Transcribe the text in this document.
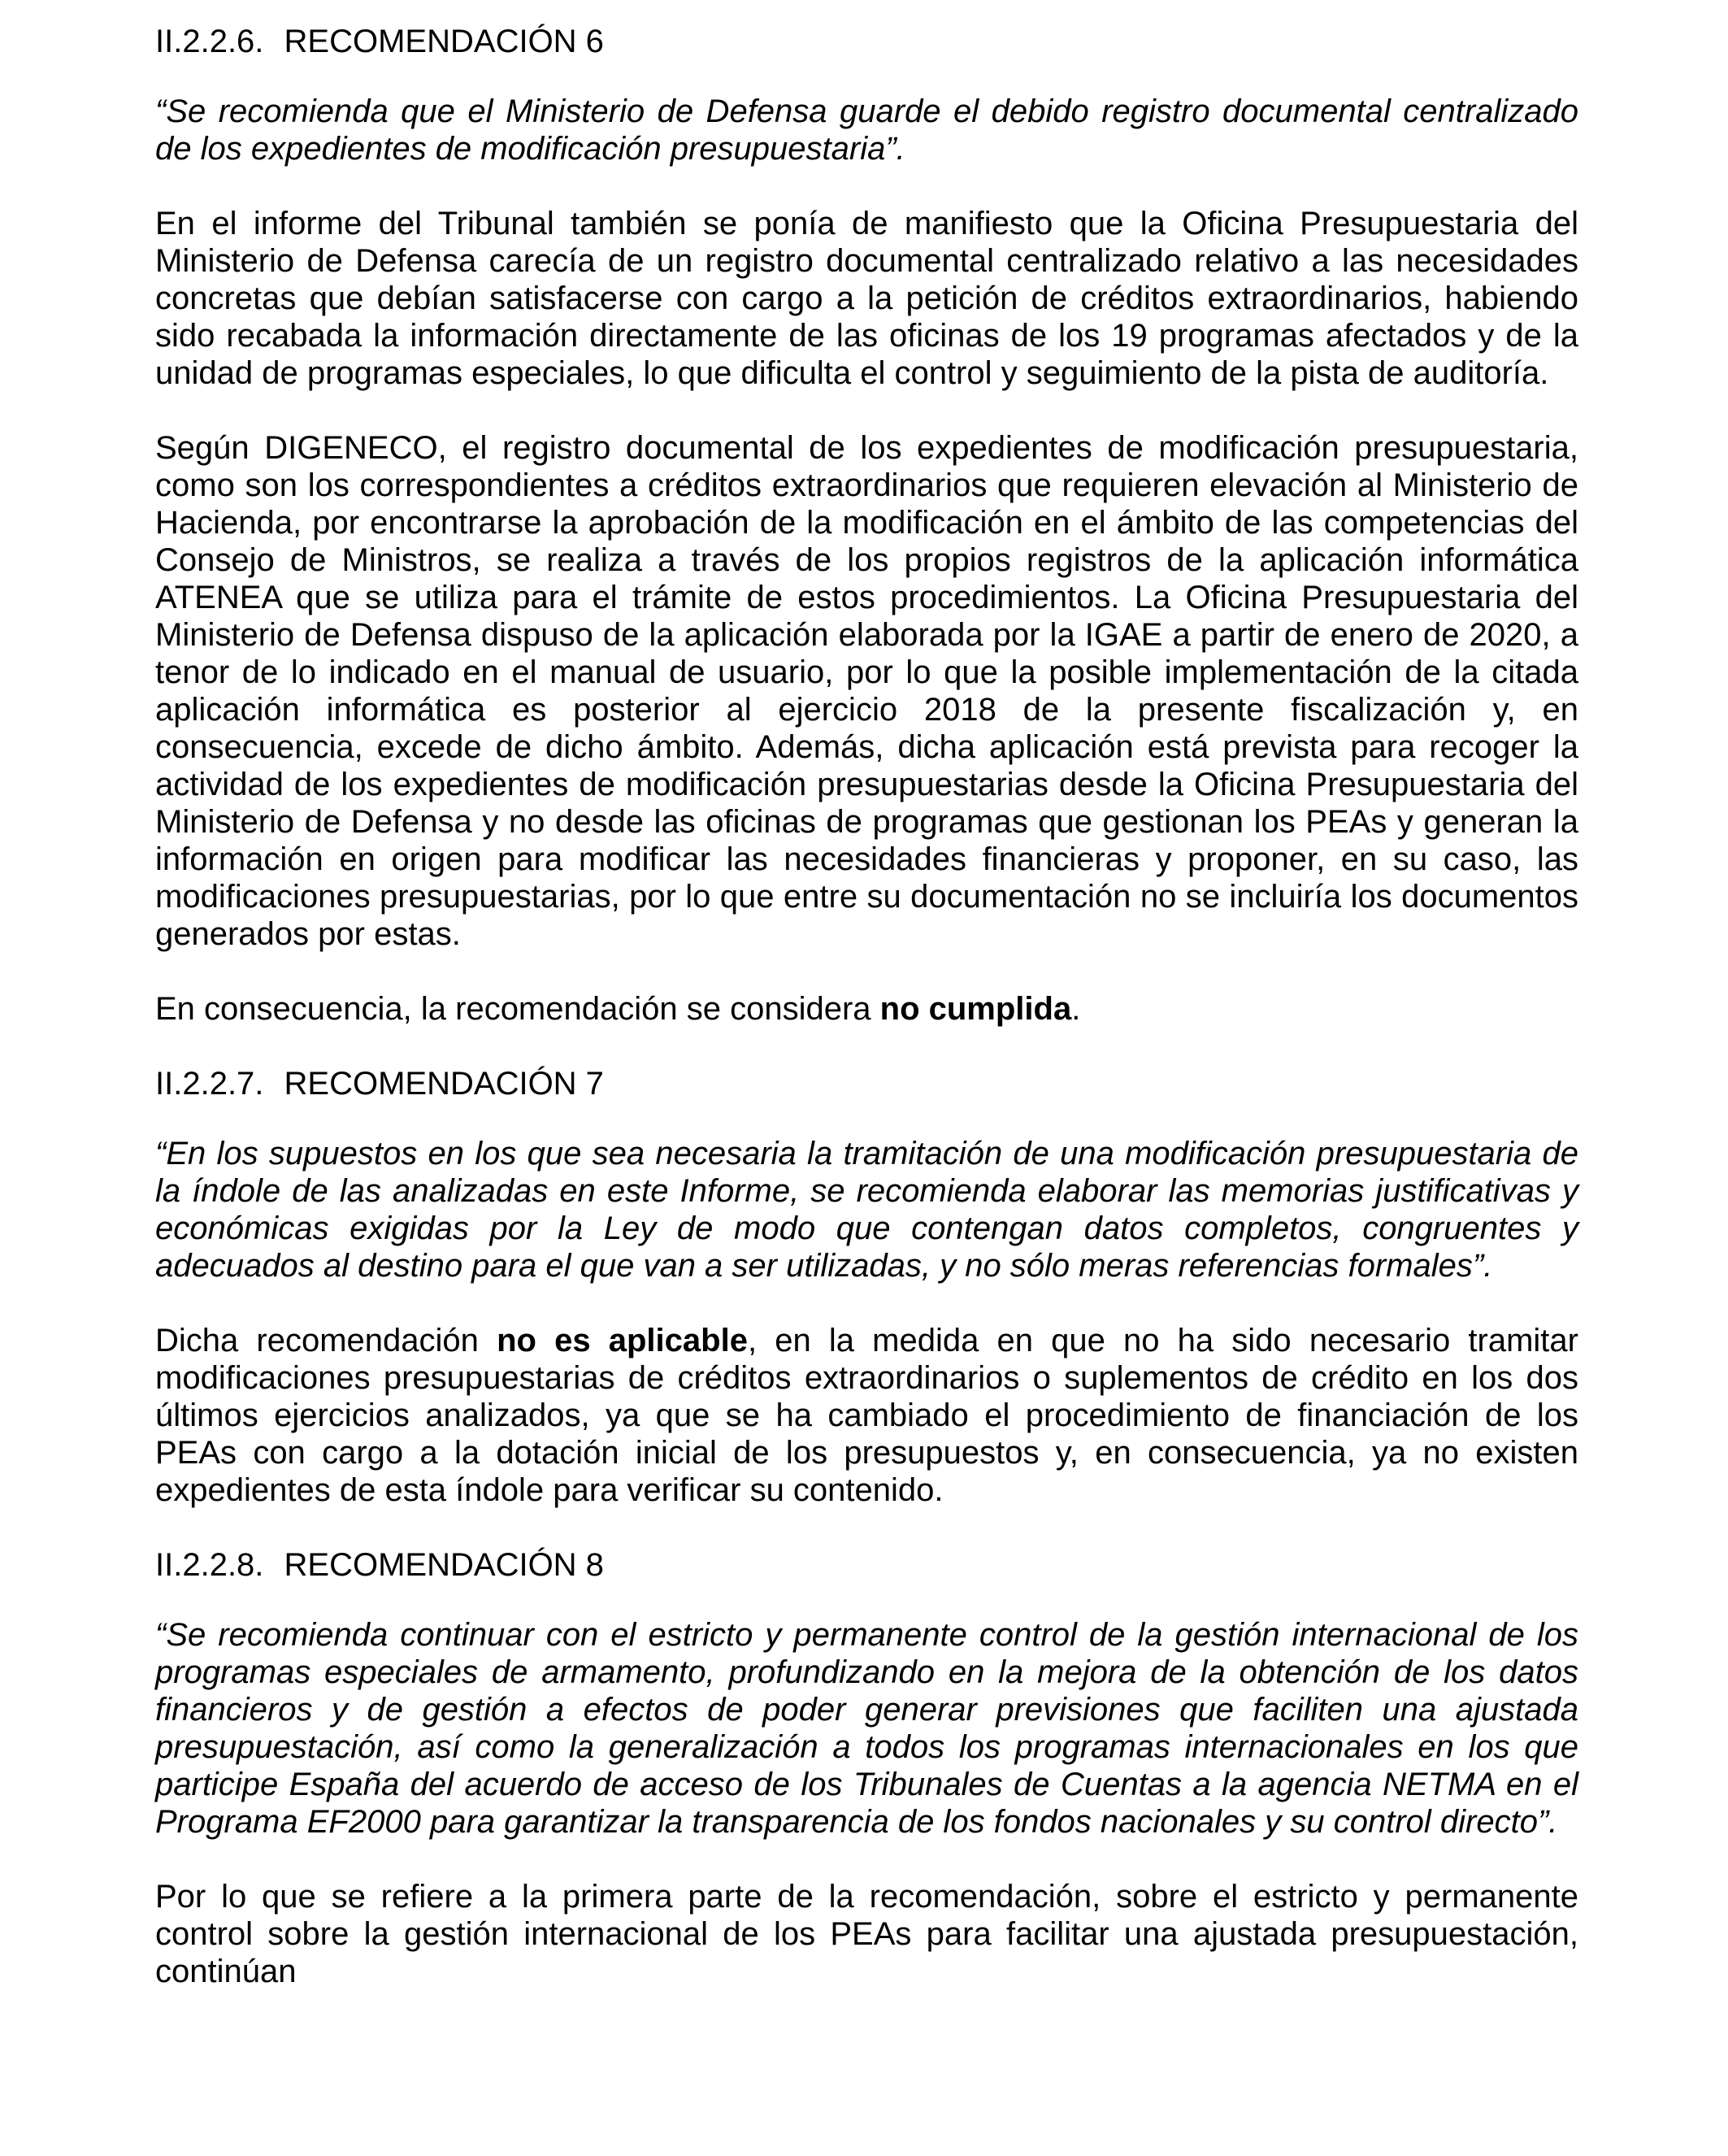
II.2.2.6. RECOMENDACIÓN 6

“Se recomienda que el Ministerio de Defensa guarde el debido registro documental centralizado de los expedientes de modificación presupuestaria”.

En el informe del Tribunal también se ponía de manifiesto que la Oficina Presupuestaria del Ministerio de Defensa carecía de un registro documental centralizado relativo a las necesidades concretas que debían satisfacerse con cargo a la petición de créditos extraordinarios, habiendo sido recabada la información directamente de las oficinas de los 19 programas afectados y de la unidad de programas especiales, lo que dificulta el control y seguimiento de la pista de auditoría.

Según DIGENECO, el registro documental de los expedientes de modificación presupuestaria, como son los correspondientes a créditos extraordinarios que requieren elevación al Ministerio de Hacienda, por encontrarse la aprobación de la modificación en el ámbito de las competencias del Consejo de Ministros, se realiza a través de los propios registros de la aplicación informática ATENEA que se utiliza para el trámite de estos procedimientos. La Oficina Presupuestaria del Ministerio de Defensa dispuso de la aplicación elaborada por la IGAE a partir de enero de 2020, a tenor de lo indicado en el manual de usuario, por lo que la posible implementación de la citada aplicación informática es posterior al ejercicio 2018 de la presente fiscalización y, en consecuencia, excede de dicho ámbito. Además, dicha aplicación está prevista para recoger la actividad de los expedientes de modificación presupuestarias desde la Oficina Presupuestaria del Ministerio de Defensa y no desde las oficinas de programas que gestionan los PEAs y generan la información en origen para modificar las necesidades financieras y proponer, en su caso, las modificaciones presupuestarias, por lo que entre su documentación no se incluiría los documentos generados por estas.

En consecuencia, la recomendación se considera no cumplida.

II.2.2.7. RECOMENDACIÓN 7

“En los supuestos en los que sea necesaria la tramitación de una modificación presupuestaria de la índole de las analizadas en este Informe, se recomienda elaborar las memorias justificativas y económicas exigidas por la Ley de modo que contengan datos completos, congruentes y adecuados al destino para el que van a ser utilizadas, y no sólo meras referencias formales”.

Dicha recomendación no es aplicable, en la medida en que no ha sido necesario tramitar modificaciones presupuestarias de créditos extraordinarios o suplementos de crédito en los dos últimos ejercicios analizados, ya que se ha cambiado el procedimiento de financiación de los PEAs con cargo a la dotación inicial de los presupuestos y, en consecuencia, ya no existen expedientes de esta índole para verificar su contenido.

II.2.2.8. RECOMENDACIÓN 8

“Se recomienda continuar con el estricto y permanente control de la gestión internacional de los programas especiales de armamento, profundizando en la mejora de la obtención de los datos financieros y de gestión a efectos de poder generar previsiones que faciliten una ajustada presupuestación, así como la generalización a todos los programas internacionales en los que participe España del acuerdo de acceso de los Tribunales de Cuentas a la agencia NETMA en el Programa EF2000 para garantizar la transparencia de los fondos nacionales y su control directo”.

Por lo que se refiere a la primera parte de la recomendación, sobre el estricto y permanente control sobre la gestión internacional de los PEAs para facilitar una ajustada presupuestación, continúan
